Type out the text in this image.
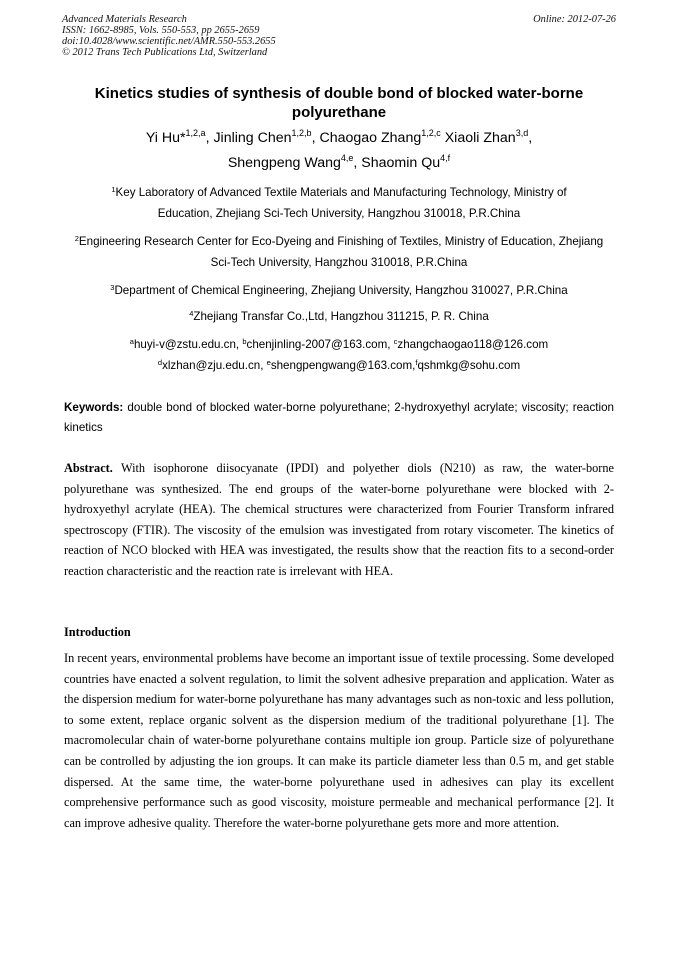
Advanced Materials Research
ISSN: 1662-8985, Vols. 550-553, pp 2655-2659
doi:10.4028/www.scientific.net/AMR.550-553.2655
© 2012 Trans Tech Publications Ltd, Switzerland
Online: 2012-07-26
Kinetics studies of synthesis of double bond of blocked water-borne polyurethane
Yi Hu*$^{1,2,a}$, Jinling Chen$^{1,2,b}$, Chaogao Zhang$^{1,2,c}$ Xiaoli Zhan$^{3,d}$,
Shengpeng Wang$^{4,e}$, Shaomin Qu$^{4,f}$
$^1$Key Laboratory of Advanced Textile Materials and Manufacturing Technology, Ministry of Education, Zhejiang Sci-Tech University, Hangzhou 310018, P.R.China
$^2$Engineering Research Center for Eco-Dyeing and Finishing of Textiles, Ministry of Education, Zhejiang Sci-Tech University, Hangzhou 310018, P.R.China
$^3$Department of Chemical Engineering, Zhejiang University, Hangzhou 310027, P.R.China
$^4$Zhejiang Transfar Co.,Ltd, Hangzhou 311215, P. R. China
$^a$huyi-v@zstu.edu.cn, $^b$chenjinling-2007@163.com, $^c$zhangchaogao118@126.com
$^d$xlzhan@zju.edu.cn, $^e$shengpengwang@163.com,$^f$qshmkg@sohu.com
Keywords: double bond of blocked water-borne polyurethane; 2-hydroxyethyl acrylate; viscosity; reaction kinetics
Abstract. With isophorone diisocyanate (IPDI) and polyether diols (N210) as raw, the water-borne polyurethane was synthesized. The end groups of the water-borne polyurethane were blocked with 2-hydroxyethyl acrylate (HEA). The chemical structures were characterized from Fourier Transform infrared spectroscopy (FTIR). The viscosity of the emulsion was investigated from rotary viscometer. The kinetics of reaction of NCO blocked with HEA was investigated, the results show that the reaction fits to a second-order reaction characteristic and the reaction rate is irrelevant with HEA.
Introduction
In recent years, environmental problems have become an important issue of textile processing. Some developed countries have enacted a solvent regulation, to limit the solvent adhesive preparation and application. Water as the dispersion medium for water-borne polyurethane has many advantages such as non-toxic and less pollution, to some extent, replace organic solvent as the dispersion medium of the traditional polyurethane [1]. The macromolecular chain of water-borne polyurethane contains multiple ion group. Particle size of polyurethane can be controlled by adjusting the ion groups. It can make its particle diameter less than 0.5 m, and get stable dispersed. At the same time, the water-borne polyurethane used in adhesives can play its excellent comprehensive performance such as good viscosity, moisture permeable and mechanical performance [2]. It can improve adhesive quality. Therefore the water-borne polyurethane gets more and more attention.
